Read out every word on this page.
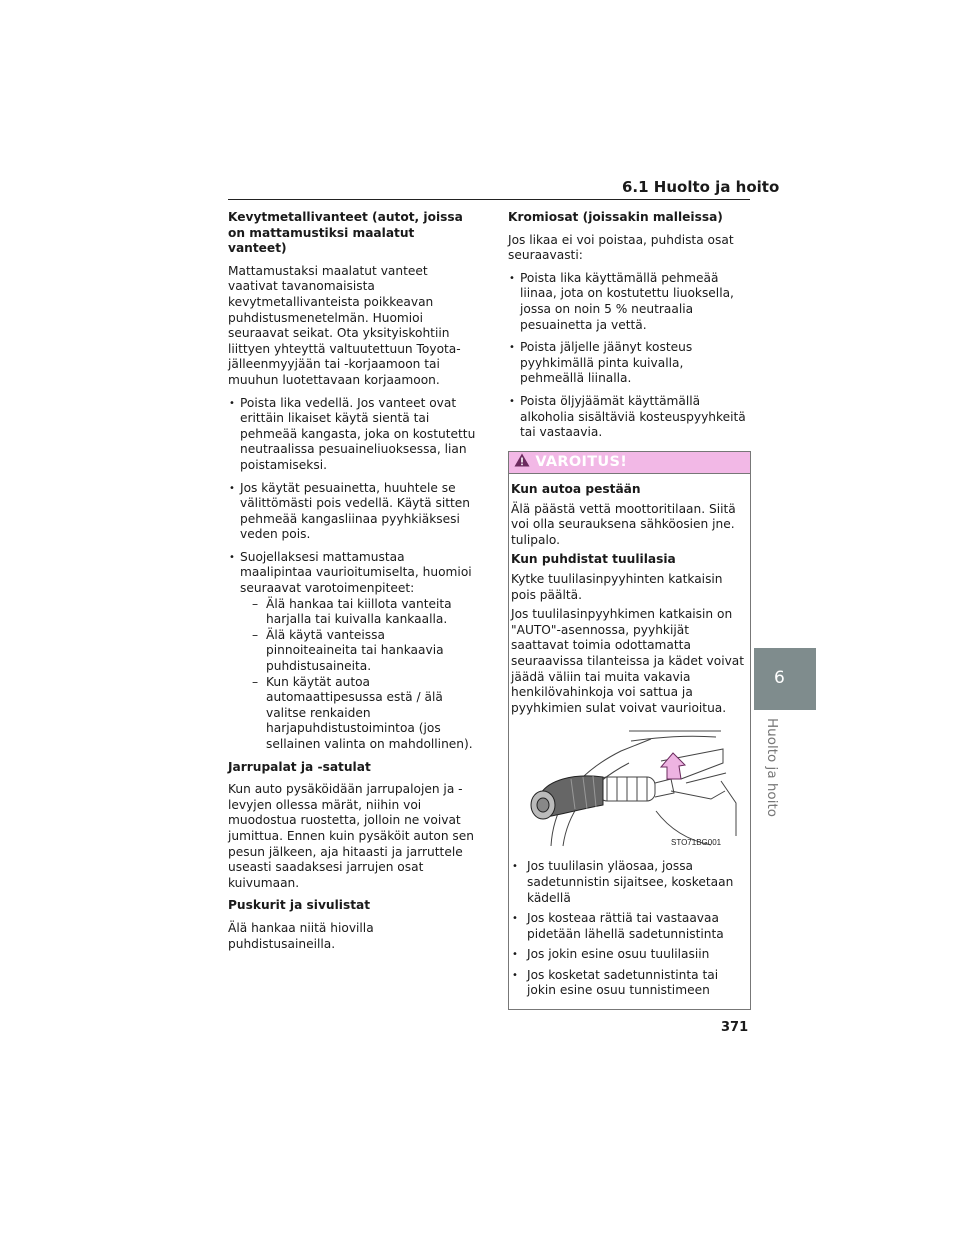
6.1 Huolto ja hoito
Kevytmetallivanteet (autot, joissa on mattamustiksi maalatut vanteet)

Mattamustaksi maalatut vanteet vaativat tavanomaisista kevytmetallivanteista poikkeavan puhdistusmenetelmän. Huomioi seuraavat seikat. Ota yksityiskohtiin liittyen yhteyttä valtuutettuun Toyota-jälleenmyyjään tai -korjaamoon tai muuhun luotettavaan korjaamoon.

• Poista lika vedellä. Jos vanteet ovat erittäin likaiset käytä sientä tai pehmeää kangasta, joka on kostutettu neutraalissa pesuaineliuoksessa, lian poistamiseksi.
• Jos käytät pesuainetta, huuhtele se välittömästi pois vedellä. Käytä sitten pehmeää kangasliinaa pyyhkiäksesi veden pois.
• Suojellaksesi mattamustaa maalipintaa vaurioitumiselta, huomioi seuraavat varotoimenpiteet:
– Älä hankaa tai kiillota vanteita harjalla tai kuivalla kankaalla.
– Älä käytä vanteissa pinnoiteaineita tai hankaavia puhdistusaineita.
– Kun käytät autoa automaattipesussa estä / älä valitse renkaiden harjapuhdistustoimintoa (jos sellainen valinta on mahdollinen).
Jarrupalat ja -satulat

Kun auto pysäköidään jarrupalojen ja -levyjen ollessa märät, niihin voi muodostua ruostetta, jolloin ne voivat jumittua. Ennen kuin pysäköit auton sen pesun jälkeen, aja hitaasti ja jarruttele useasti saadaksesi jarrujen osat kuivumaan.

Puskurit ja sivulistat

Älä hankaa niitä hiovilla puhdistusaineilla.

Kromiosat (joissakin malleissa)

Jos likaa ei voi poistaa, puhdista osat seuraavasti:

• Poista lika käyttämällä pehmeää liinaa, jota on kostutettu liuoksella, jossa on noin 5 % neutraalia pesuainetta ja vettä.
• Poista jäljelle jäänyt kosteus pyyhkimällä pinta kuivalla, pehmeällä liinalla.
• Poista öljyjäämät käyttämällä alkoholia sisältäviä kosteuspyyhkeitä tai vastaavia.
VAROITUS!

Kun autoa pestään

Älä päästä vettä moottoritilaan. Siitä voi olla seurauksena sähköosien jne. tulipalo.

Kun puhdistat tuulilasia

Kytke tuulilasinpyyhinten katkaisin pois päältä.

Jos tuulilasinpyyhkimen katkaisin on "AUTO"-asennossa, pyyhkijät saattavat toimia odottamatta seuraavissa tilanteissa ja kädet voivat jäädä väliin tai muita vakavia henkilövahinkoja voi sattua ja pyyhkimien sulat voivat vaurioitua.

STO71BG001
• Jos tuulilasin yläosaa, jossa sadetunnistin sijaitsee, kosketaan kädellä
• Jos kosteaa rättiä tai vastaavaa pidetään lähellä sadetunnistinta
• Jos jokin esine osuu tuulilasiin
• Jos kosketat sadetunnistinta tai jokin esine osuu tunnistimeen
6
Huolto ja hoito
371
